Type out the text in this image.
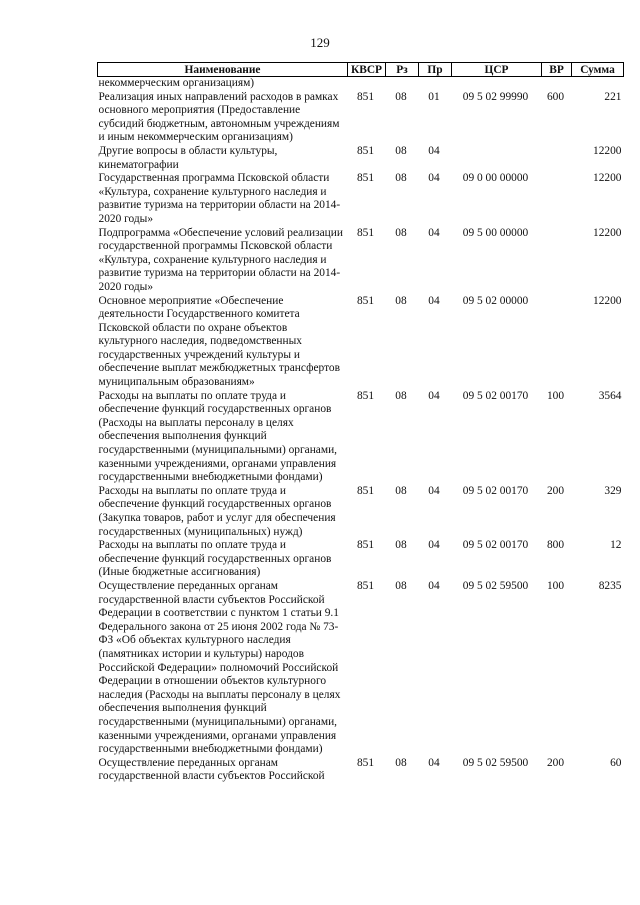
129
Наименование	КВСР	Рз	Пр	ЦСР	ВР	Сумма
некоммерческим организациям)						
Реализация иных направлений расходов в рамках основного мероприятия (Предоставление субсидий бюджетным, автономным учреждениям и иным некоммерческим организациям)	851	08	01	09 5 02 99990	600	221
Другие вопросы в области культуры, кинематографии	851	08	04			12200
Государственная программа Псковской области «Культура, сохранение культурного наследия и развитие туризма на территории области на 2014-2020 годы»	851	08	04	09 0 00 00000		12200
Подпрограмма «Обеспечение условий реализации государственной программы Псковской области «Культура, сохранение культурного наследия и развитие туризма на территории области на 2014-2020 годы»	851	08	04	09 5 00 00000		12200
Основное мероприятие «Обеспечение деятельности Государственного комитета Псковской области по охране объектов культурного наследия, подведомственных государственных учреждений культуры и обеспечение выплат межбюджетных трансфертов муниципальным образованиям»	851	08	04	09 5 02 00000		12200
Расходы на выплаты по оплате труда и обеспечение функций государственных органов (Расходы на выплаты персоналу в целях обеспечения выполнения функций государственными (муниципальными) органами, казенными учреждениями, органами управления государственными внебюджетными фондами)	851	08	04	09 5 02 00170	100	3564
Расходы на выплаты по оплате труда и обеспечение функций государственных органов (Закупка товаров, работ и услуг для обеспечения государственных (муниципальных) нужд)	851	08	04	09 5 02 00170	200	329
Расходы на выплаты по оплате труда и обеспечение функций государственных органов (Иные бюджетные ассигнования)	851	08	04	09 5 02 00170	800	12
Осуществление переданных органам государственной власти субъектов Российской Федерации в соответствии с пунктом 1 статьи 9.1 Федерального закона от 25 июня 2002 года № 73-ФЗ «Об объектах культурного наследия (памятниках истории и культуры) народов Российской Федерации» полномочий Российской Федерации в отношении объектов культурного наследия (Расходы на выплаты персоналу в целях обеспечения выполнения функций государственными (муниципальными) органами, казенными учреждениями, органами управления государственными внебюджетными фондами)	851	08	04	09 5 02 59500	100	8235
Осуществление переданных органам государственной власти субъектов Российской	851	08	04	09 5 02 59500	200	60
